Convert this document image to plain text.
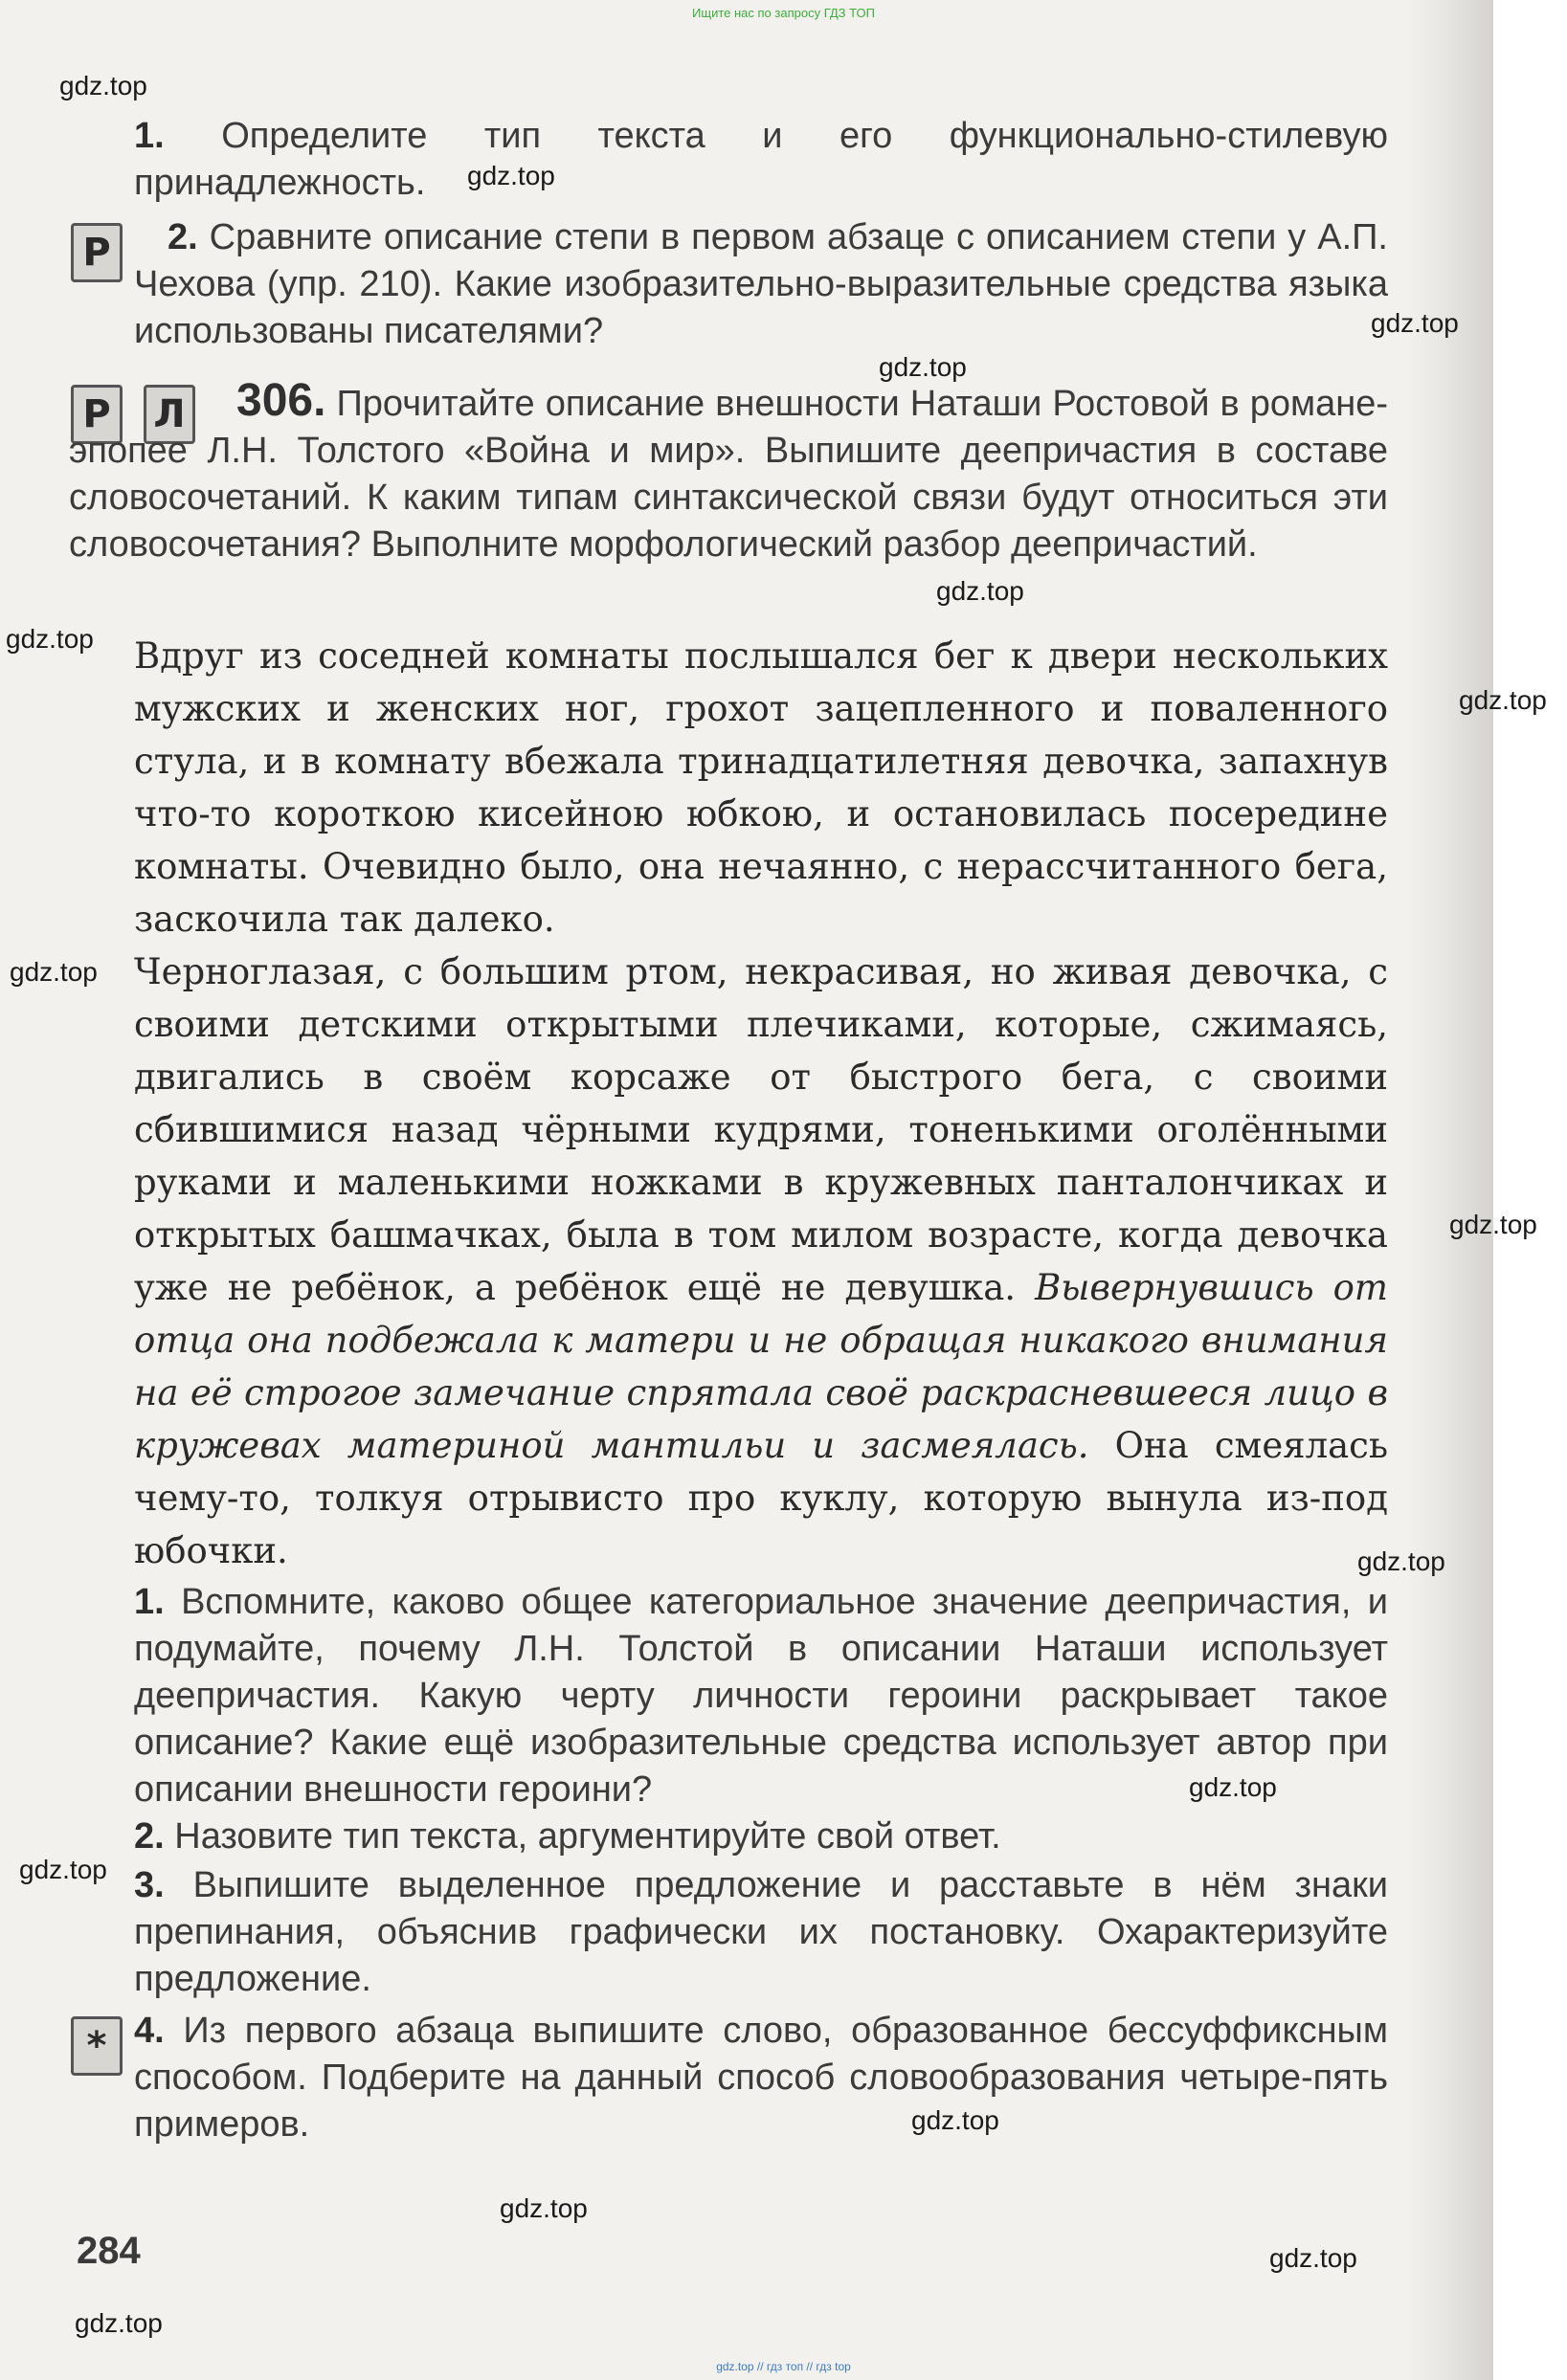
Ищите нас по запросу ГДЗ ТОП
1. Определите тип текста и его функционально-стилевую принадлежность.
Р	2. Сравните описание степи в первом абзаце с описанием степи у А.П. Чехова (упр. 210). Какие изобразительно-выразительные средства языка использованы писателями?
Р	Л	306. Прочитайте описание внешности Наташи Ростовой в романе-эпопее Л.Н. Толстого «Война и мир». Выпишите деепричастия в составе словосочетаний. К каким типам синтаксической связи будут относиться эти словосочетания? Выполните морфологический разбор деепричастий.

Вдруг из соседней комнаты послышался бег к двери нескольких мужских и женских ног, грохот зацепленного и поваленного стула, и в комнату вбежала тринадцатилетняя девочка, запахнув что-то короткою кисейною юбкою, и остановилась посередине комнаты. Очевидно было, она нечаянно, с нерассчитанного бега, заскочила так далеко.

Черноглазая, с большим ртом, некрасивая, но живая девочка, с своими детскими открытыми плечиками, которые, сжимаясь, двигались в своём корсаже от быстрого бега, с своими сбившимися назад чёрными кудрями, тоненькими оголёнными руками и маленькими ножками в кружевных панталончиках и открытых башмачках, была в том милом возрасте, когда девочка уже не ребёнок, а ребёнок ещё не девушка. Вывернувшись от отца она подбежала к матери и не обращая никакого внимания на её строгое замечание спрятала своё раскрасневшееся лицо в кружевах материной мантильи и засмеялась. Она смеялась чему-то, толкуя отрывисто про куклу, которую вынула из-под юбочки.

1. Вспомните, каково общее категориальное значение деепричастия, и подумайте, почему Л.Н. Толстой в описании Наташи использует деепричастия. Какую черту личности героини раскрывает такое описание? Какие ещё изобразительные средства использует автор при описании внешности героини?
2. Назовите тип текста, аргументируйте свой ответ.
3. Выпишите выделенное предложение и расставьте в нём знаки препинания, объяснив графически их постановку. Охарактеризуйте предложение.
* 4. Из первого абзаца выпишите слово, образованное бессуффиксным способом. Подберите на данный способ словообразования четыре-пять примеров.
284
gdz.top
gdz.top
gdz.top
gdz.top
gdz.top
gdz.top
gdz.top
gdz.top
gdz.top
gdz.top
gdz.top
gdz.top
gdz.top
gdz.top
gdz.top
gdz.top
gdz.top // гдз топ // гдз top
